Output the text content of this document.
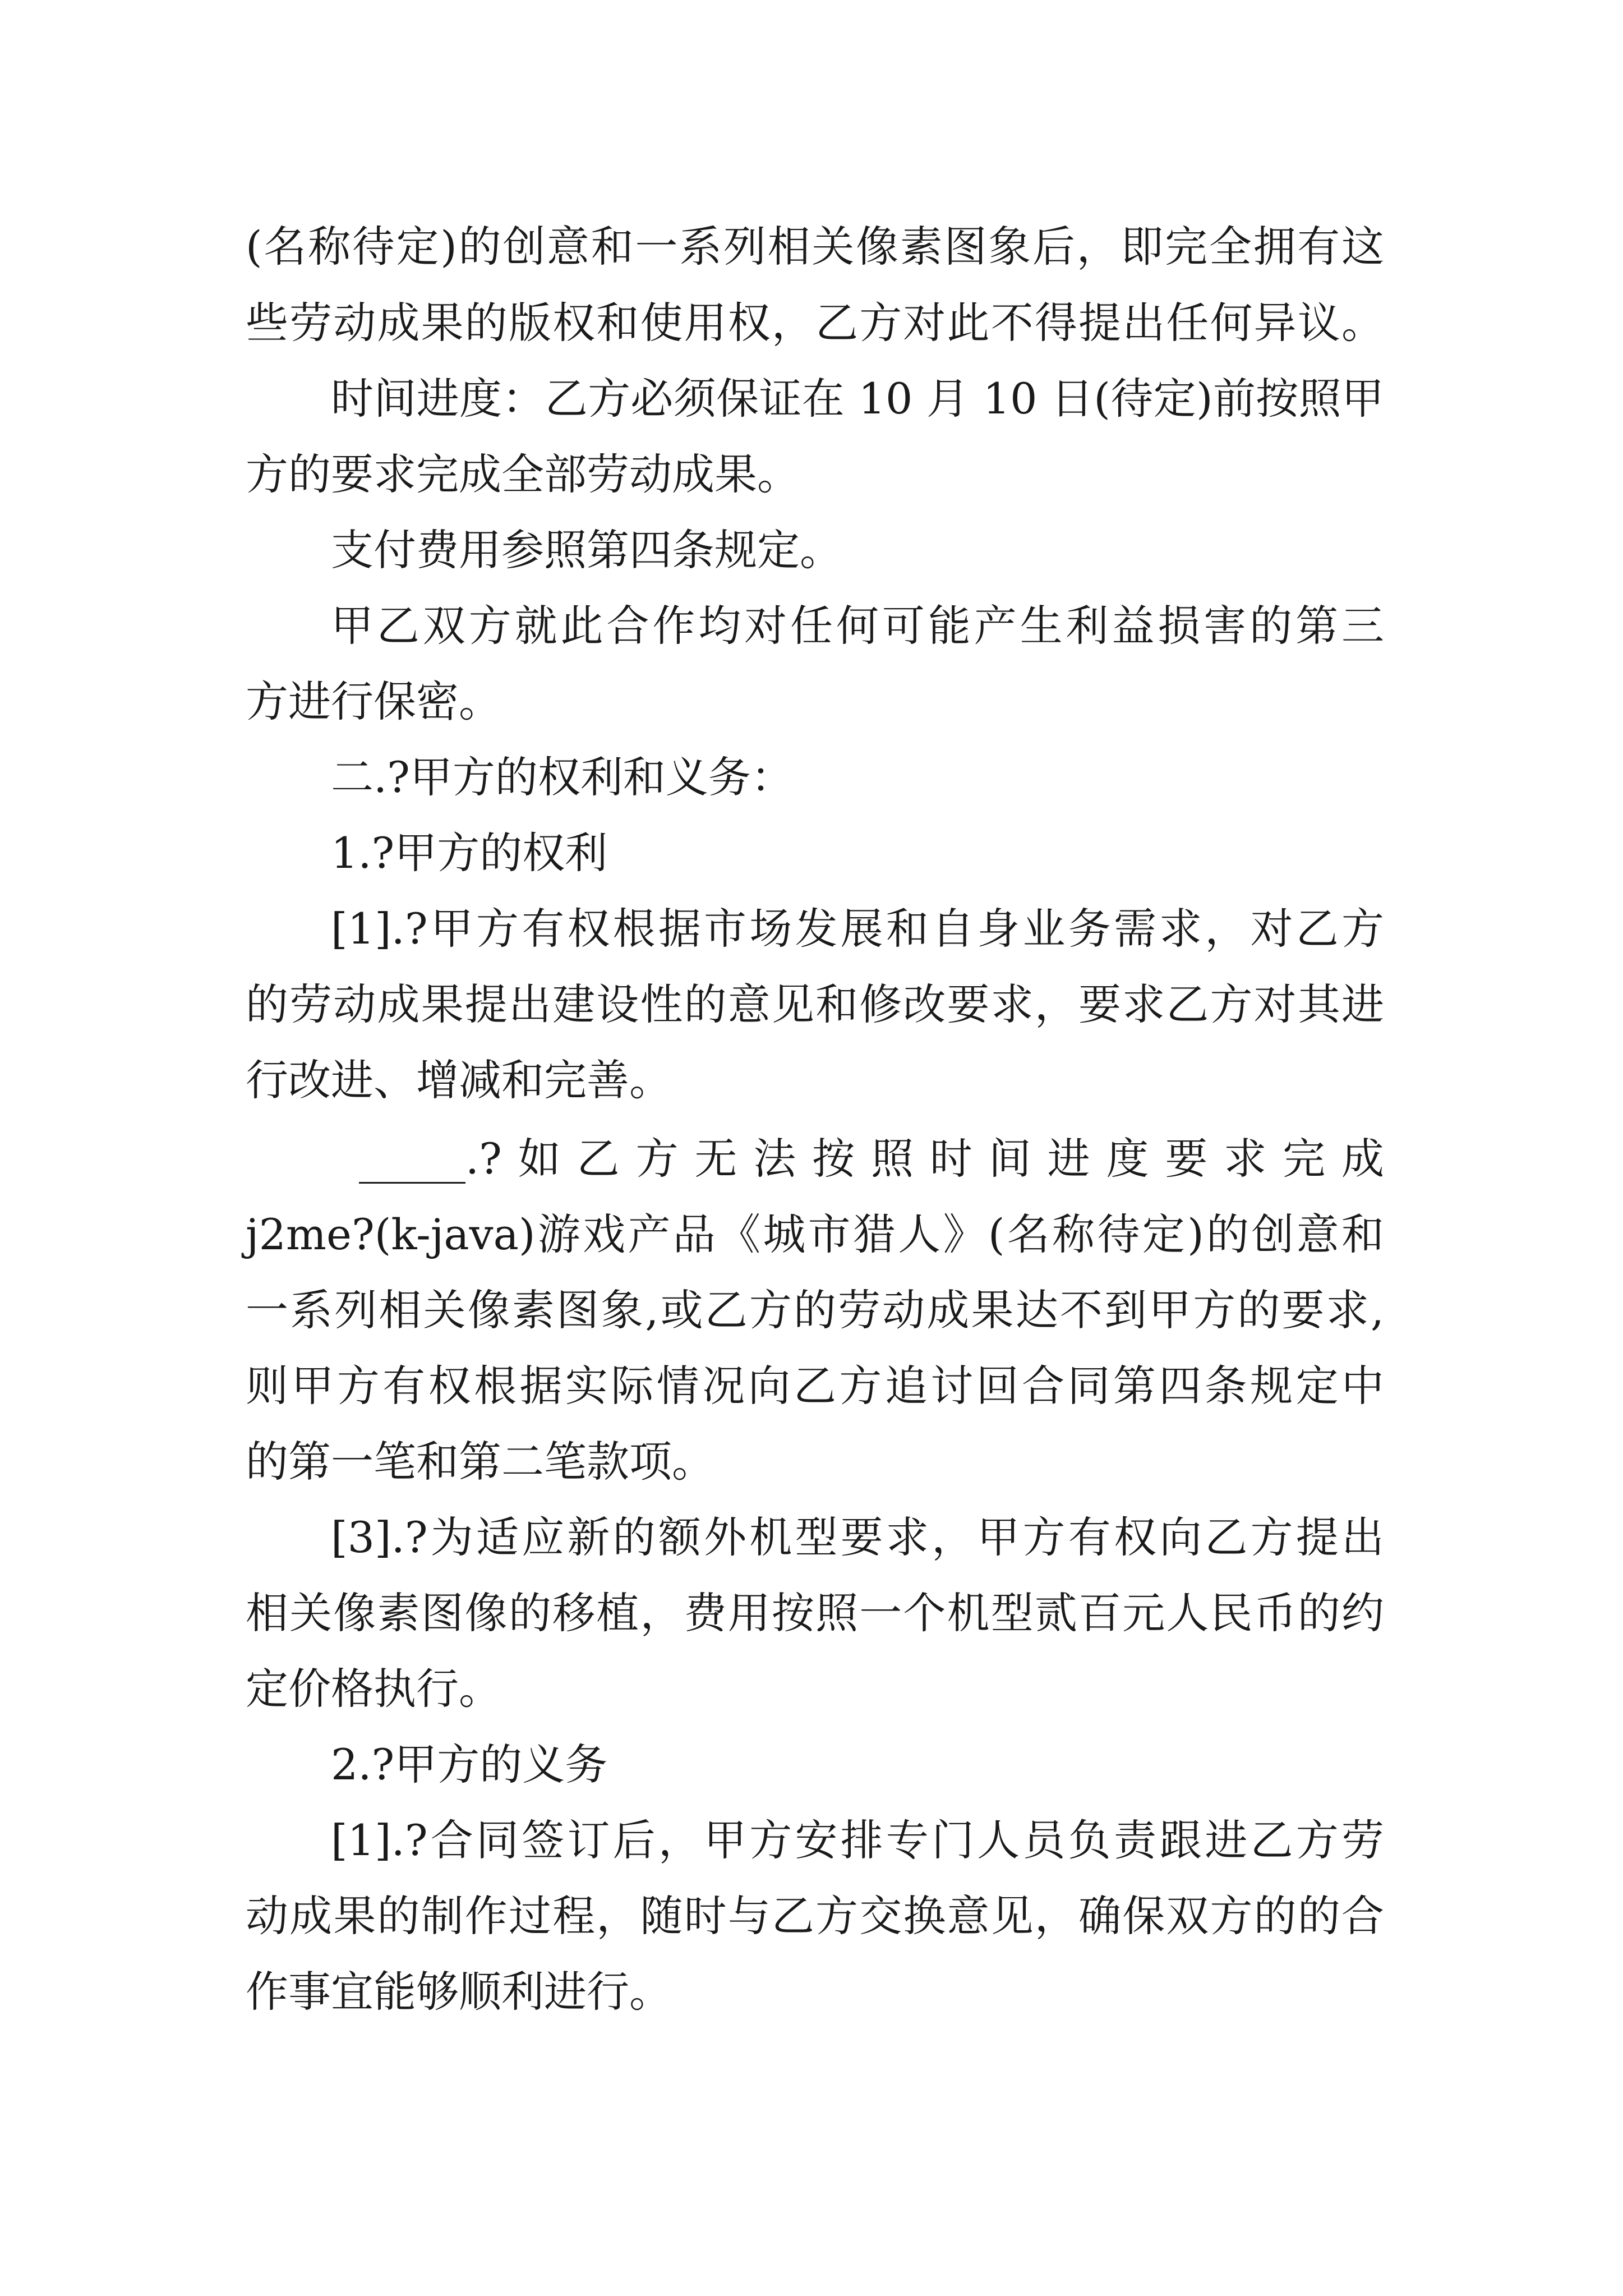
(名称待定)的创意和一系列相关像素图象后，即完全拥有这
些劳动成果的版权和使用权，乙方对此不得提出任何异议。
时间进度：乙方必须保证在 10 月 10 日(待定)前按照甲
方的要求完成全部劳动成果。
支付费用参照第四条规定。
甲乙双方就此合作均对任何可能产生利益损害的第三
方进行保密。
二.?甲方的权利和义务：
1.?甲方的权利
[1].?甲方有权根据市场发展和自身业务需求，对乙方
的劳动成果提出建设性的意见和修改要求，要求乙方对其进
行改进、增减和完善。
_____.?如乙方无法按照时间进度要求完成
j2me?(k-java)游戏产品《城市猎人》(名称待定)的创意和
一系列相关像素图象,或乙方的劳动成果达不到甲方的要求,
则甲方有权根据实际情况向乙方追讨回合同第四条规定中
的第一笔和第二笔款项。
[3].?为适应新的额外机型要求，甲方有权向乙方提出
相关像素图像的移植，费用按照一个机型贰百元人民币的约
定价格执行。
2.?甲方的义务
[1].?合同签订后，甲方安排专门人员负责跟进乙方劳
动成果的制作过程，随时与乙方交换意见，确保双方的的合
作事宜能够顺利进行。
